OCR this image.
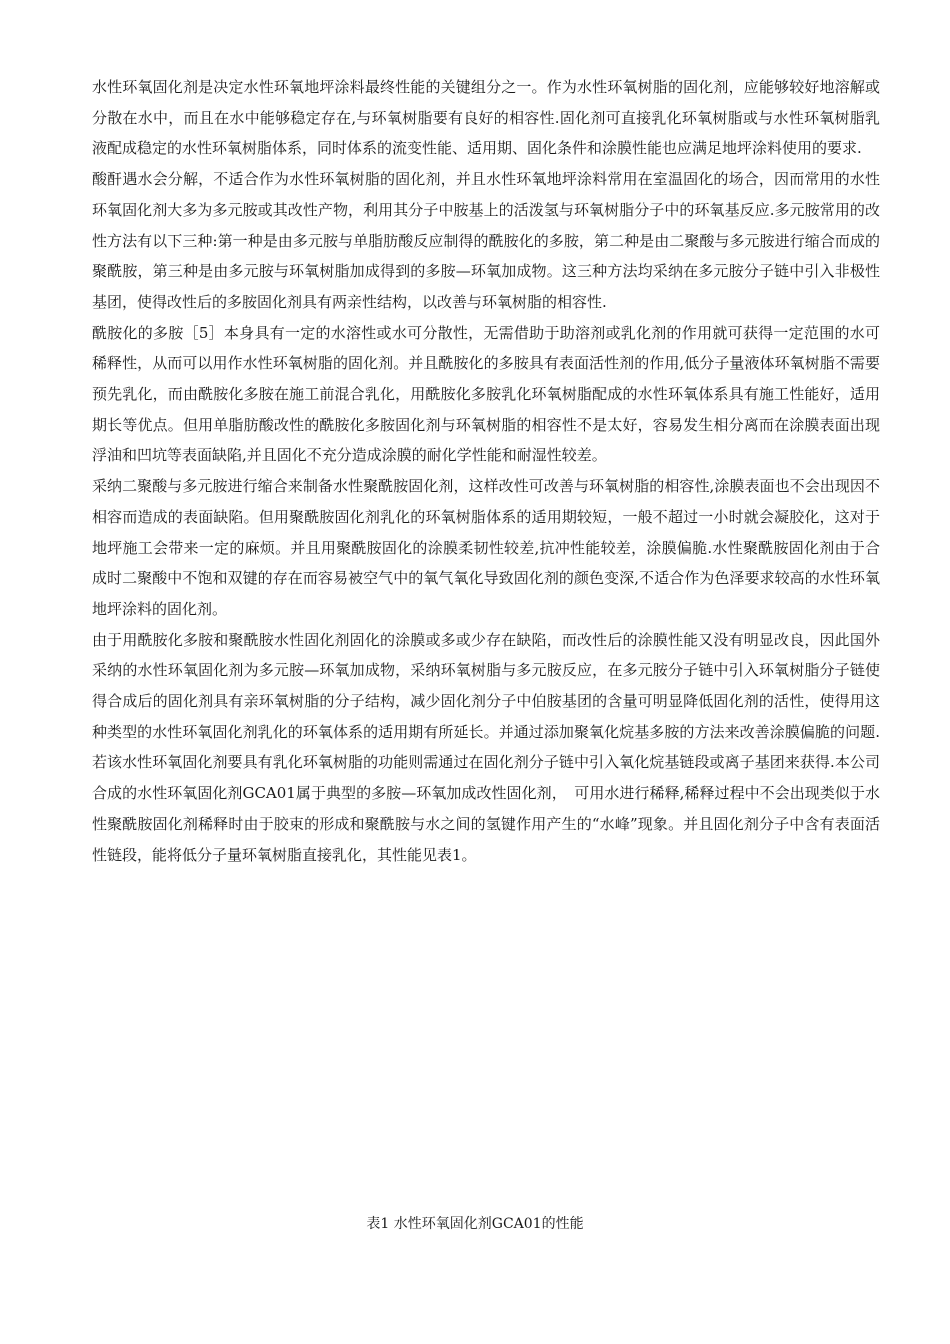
水性环氧固化剂是决定水性环氧地坪涂料最终性能的关键组分之一。作为水性环氧树脂的固化剂，应能够较好地溶解或分散在水中，而且在水中能够稳定存在,与环氧树脂要有良好的相容性.固化剂可直接乳化环氧树脂或与水性环氧树脂乳液配成稳定的水性环氧树脂体系，同时体系的流变性能、适用期、固化条件和涂膜性能也应满足地坪涂料使用的要求.

酸酐遇水会分解，不适合作为水性环氧树脂的固化剂，并且水性环氧地坪涂料常用在室温固化的场合，因而常用的水性环氧固化剂大多为多元胺或其改性产物，利用其分子中胺基上的活泼氢与环氧树脂分子中的环氧基反应.多元胺常用的改性方法有以下三种:第一种是由多元胺与单脂肪酸反应制得的酰胺化的多胺，第二种是由二聚酸与多元胺进行缩合而成的聚酰胺，第三种是由多元胺与环氧树脂加成得到的多胺—环氧加成物。这三种方法均采纳在多元胺分子链中引入非极性基团，使得改性后的多胺固化剂具有两亲性结构，以改善与环氧树脂的相容性.

酰胺化的多胺［5］本身具有一定的水溶性或水可分散性，无需借助于助溶剂或乳化剂的作用就可获得一定范围的水可稀释性，从而可以用作水性环氧树脂的固化剂。并且酰胺化的多胺具有表面活性剂的作用,低分子量液体环氧树脂不需要预先乳化，而由酰胺化多胺在施工前混合乳化，用酰胺化多胺乳化环氧树脂配成的水性环氧体系具有施工性能好，适用期长等优点。但用单脂肪酸改性的酰胺化多胺固化剂与环氧树脂的相容性不是太好，容易发生相分离而在涂膜表面出现浮油和凹坑等表面缺陷,并且固化不充分造成涂膜的耐化学性能和耐湿性较差。

采纳二聚酸与多元胺进行缩合来制备水性聚酰胺固化剂，这样改性可改善与环氧树脂的相容性,涂膜表面也不会出现因不相容而造成的表面缺陷。但用聚酰胺固化剂乳化的环氧树脂体系的适用期较短，一般不超过一小时就会凝胶化，这对于地坪施工会带来一定的麻烦。并且用聚酰胺固化的涂膜柔韧性较差,抗冲性能较差，涂膜偏脆.水性聚酰胺固化剂由于合成时二聚酸中不饱和双键的存在而容易被空气中的氧气氧化导致固化剂的颜色变深,不适合作为色泽要求较高的水性环氧地坪涂料的固化剂。

由于用酰胺化多胺和聚酰胺水性固化剂固化的涂膜或多或少存在缺陷，而改性后的涂膜性能又没有明显改良，因此国外采纳的水性环氧固化剂为多元胺—环氧加成物，采纳环氧树脂与多元胺反应，在多元胺分子链中引入环氧树脂分子链使得合成后的固化剂具有亲环氧树脂的分子结构，减少固化剂分子中伯胺基团的含量可明显降低固化剂的活性，使得用这种类型的水性环氧固化剂乳化的环氧体系的适用期有所延长。并通过添加聚氧化烷基多胺的方法来改善涂膜偏脆的问题.若该水性环氧固化剂要具有乳化环氧树脂的功能则需通过在固化剂分子链中引入氧化烷基链段或离子基团来获得.本公司合成的水性环氧固化剂GCA01属于典型的多胺—环氧加成改性固化剂，　可用水进行稀释,稀释过程中不会出现类似于水性聚酰胺固化剂稀释时由于胶束的形成和聚酰胺与水之间的氢键作用产生的“水峰”现象。并且固化剂分子中含有表面活性链段，能将低分子量环氧树脂直接乳化，其性能见表1。

表1 水性环氧固化剂GCA01的性能
